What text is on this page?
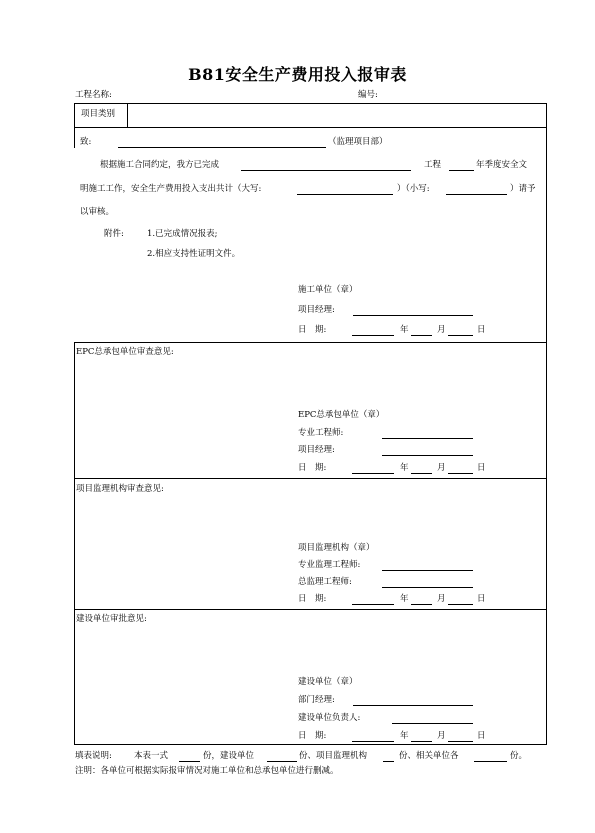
B81安全生产费用投入报审表
工程名称:	编号:
项目类别
致:	（监理项目部）
根据施工合同约定，我方已完成	工程	年季度安全文
明施工工作，安全生产费用投入支出共计（大写:	）（小写:	）请予
以审核。
附件:	1.已完成情况报表;
2.相应支持性证明文件。
施工单位（章）
项目经理:
日　期:	年	月	日
EPC总承包单位审查意见:
EPC总承包单位（章）
专业工程师:
项目经理:
日　期:	年	月	日
项目监理机构审查意见:
项目监理机构（章）
专业监理工程师:
总监理工程师:
日　期:	年	月	日
建设单位审批意见:
建设单位（章）
部门经理:
建设单位负责人:
日　期:	年	月	日
填表说明:	本表一式	份，建设单位	份、项目监理机构	份、相关单位各	份。
注明：各单位可根据实际报审情况对施工单位和总承包单位进行删减。
